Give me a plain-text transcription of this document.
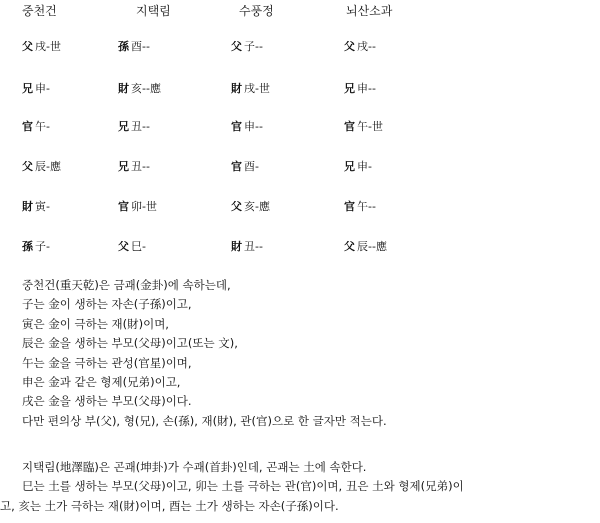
중천건	지택림	수풍정	뇌산소과
父 戌-世	孫 酉--	父 子--	父 戌--
兄 申-	財 亥--應	財 戌-世	兄 申--
官 午-	兄 丑--	官 申--	官 午-世
父 辰-應	兄 丑--	官 酉-	兄 申-
財 寅-	官 卯-世	父 亥-應	官 午--
孫 子-	父 巳-	財 丑--	父 辰--應
중천건(重天乾)은 금괘(金卦)에 속하는데,
子는 金이 생하는 자손(子孫)이고,
寅은 金이 극하는 재(財)이며,
辰은 金을 생하는 부모(父母)이고(또는 文),
午는 金을 극하는 관성(官星)이며,
申은 金과 같은 형제(兄弟)이고,
戌은 金을 생하는 부모(父母)이다.
다만 편의상 부(父), 형(兄), 손(孫), 재(財), 관(官)으로 한 글자만 적는다.
지택림(地澤臨)은 곤괘(坤卦)가 수괘(首卦)인데, 곤괘는 土에 속한다.
巳는 土를 생하는 부모(父母)이고, 卯는 土를 극하는 관(官)이며, 丑은 土와 형제(兄弟)이
고, 亥는 土가 극하는 재(財)이며, 酉는 土가 생하는 자손(子孫)이다.
